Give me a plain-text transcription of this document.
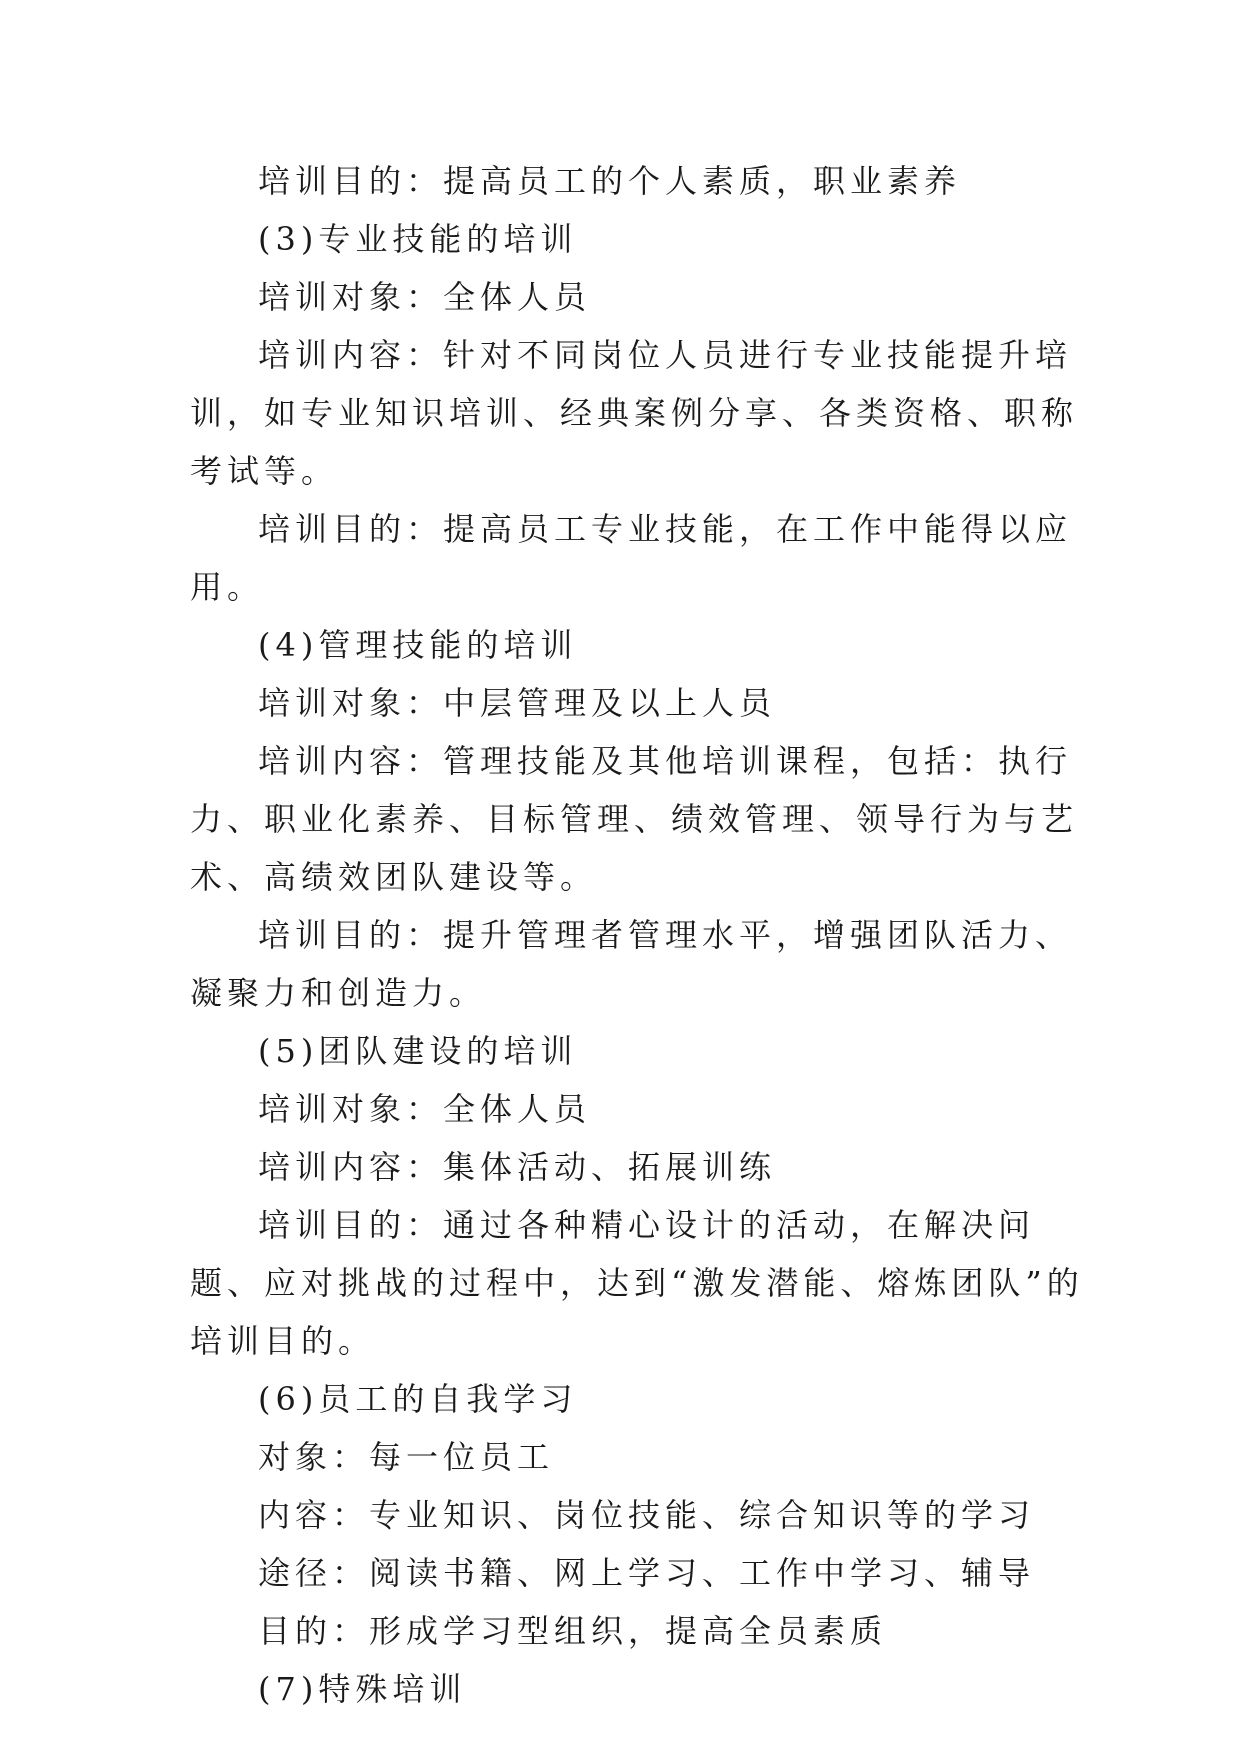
培训目的：提高员工的个人素质，职业素养

(3)专业技能的培训

培训对象：全体人员

培训内容：针对不同岗位人员进行专业技能提升培训，如专业知识培训、经典案例分享、各类资格、职称考试等。

培训目的：提高员工专业技能，在工作中能得以应用。

(4)管理技能的培训

培训对象：中层管理及以上人员

培训内容：管理技能及其他培训课程，包括：执行力、职业化素养、目标管理、绩效管理、领导行为与艺术、高绩效团队建设等。

培训目的：提升管理者管理水平，增强团队活力、凝聚力和创造力。

(5)团队建设的培训

培训对象：全体人员

培训内容：集体活动、拓展训练

培训目的：通过各种精心设计的活动，在解决问题、应对挑战的过程中，达到“激发潜能、熔炼团队”的培训目的。

(6)员工的自我学习

对象：每一位员工

内容：专业知识、岗位技能、综合知识等的学习

途径：阅读书籍、网上学习、工作中学习、辅导

目的：形成学习型组织，提高全员素质

(7)特殊培训
